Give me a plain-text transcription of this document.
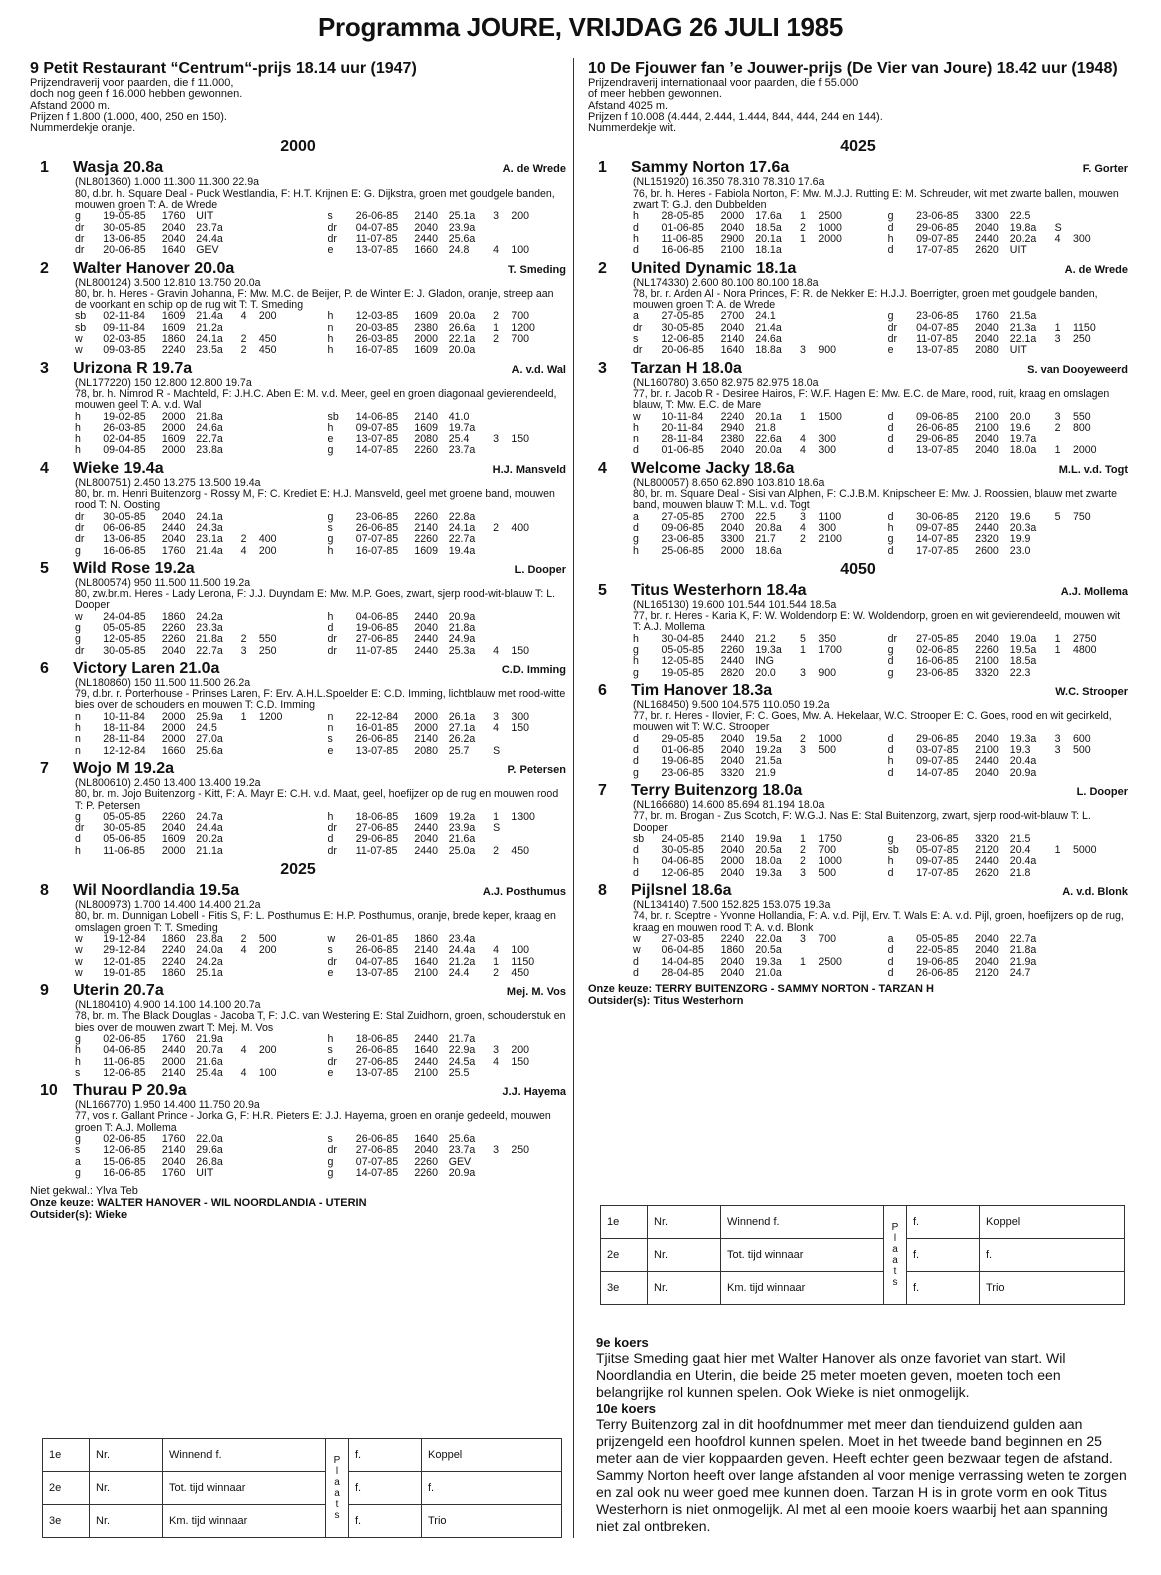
Programma JOURE, VRIJDAG 26 JULI 1985
9 Petit Restaurant “Centrum“-prijs 18.14 uur (1947)
Prijzendraverij voor paarden, die f 11.000,
doch nog geen f 16.000 hebben gewonnen.
Afstand 2000 m.
Prijzen f 1.800 (1.000, 400, 250 en 150).
Nummerdekje oranje.
2000
1	Wasja 20.8a	A. de Wrede
(NL801360) 1.000 11.300 11.300 22.9a
80, d.br. h. Square Deal - Puck Westlandia, F: H.T. Krijnen E: G. Dijkstra, groen met goudgele banden, mouwen groen T: A. de Wrede
g	19-05-85	1760	UIT				s	26-06-85	2140	25.1a	3	200
dr	30-05-85	2040	23.7a				dr	04-07-85	2040	23.9a		
dr	13-06-85	2040	24.4a				dr	11-07-85	2440	25.6a		
dr	20-06-85	1640	GEV				e	13-07-85	1660	24.8	4	100
2	Walter Hanover 20.0a	T. Smeding
(NL800124) 3.500 12.810 13.750 20.0a
80, br. h. Heres - Gravin Johanna, F: Mw. M.C. de Beijer, P. de Winter E: J. Gladon, oranje, streep aan de voorkant en schip op de rug wit T: T. Smeding
sb	02-11-84	1609	21.4a	4	200		h	12-03-85	1609	20.0a	2	700
sb	09-11-84	1609	21.2a				n	20-03-85	2380	26.6a	1	1200
w	02-03-85	1860	24.1a	2	450		h	26-03-85	2000	22.1a	2	700
w	09-03-85	2240	23.5a	2	450		h	16-07-85	1609	20.0a		
3	Urizona R 19.7a	A. v.d. Wal
(NL177220) 150 12.800 12.800 19.7a
78, br. h. Nimrod R - Machteld, F: J.H.C. Aben E: M. v.d. Meer, geel en groen diagonaal gevierendeeld, mouwen geel T: A. v.d. Wal
h	19-02-85	2000	21.8a				sb	14-06-85	2140	41.0		
h	26-03-85	2000	24.6a				h	09-07-85	1609	19.7a		
h	02-04-85	1609	22.7a				e	13-07-85	2080	25.4	3	150
h	09-04-85	2000	23.8a				g	14-07-85	2260	23.7a		
4	Wieke 19.4a	H.J. Mansveld
(NL800751) 2.450 13.275 13.500 19.4a
80, br. m. Henri Buitenzorg - Rossy M, F: C. Krediet E: H.J. Mansveld, geel met groene band, mouwen rood T: N. Oosting
dr	30-05-85	2040	24.1a				g	23-06-85	2260	22.8a		
dr	06-06-85	2440	24.3a				s	26-06-85	2140	24.1a	2	400
dr	13-06-85	2040	23.1a	2	400		g	07-07-85	2260	22.7a		
g	16-06-85	1760	21.4a	4	200		h	16-07-85	1609	19.4a		
5	Wild Rose 19.2a	L. Dooper
(NL800574) 950 11.500 11.500 19.2a
80, zw.br.m. Heres - Lady Lerona, F: J.J. Duyndam E: Mw. M.P. Goes, zwart, sjerp rood-wit-blauw T: L. Dooper
w	24-04-85	1860	24.2a				h	04-06-85	2440	20.9a		
g	05-05-85	2260	23.3a				d	19-06-85	2040	21.8a		
g	12-05-85	2260	21.8a	2	550		dr	27-06-85	2440	24.9a		
dr	30-05-85	2040	22.7a	3	250		dr	11-07-85	2440	25.3a	4	150
6	Victory Laren 21.0a	C.D. Imming
(NL180860) 150 11.500 11.500 26.2a
79, d.br. r. Porterhouse - Prinses Laren, F: Erv. A.H.L.Spoelder E: C.D. Imming, lichtblauw met rood-witte bies over de schouders en mouwen T: C.D. Imming
n	10-11-84	2000	25.9a	1	1200		n	22-12-84	2000	26.1a	3	300
h	18-11-84	2000	24.5				n	16-01-85	2000	27.1a	4	150
n	28-11-84	2000	27.0a				s	26-06-85	2140	26.2a		
n	12-12-84	1660	25.6a				e	13-07-85	2080	25.7	S	
7	Wojo M 19.2a	P. Petersen
(NL800610) 2.450 13.400 13.400 19.2a
80, br. m. Jojo Buitenzorg - Kitt, F: A. Mayr E: C.H. v.d. Maat, geel, hoefijzer op de rug en mouwen rood T: P. Petersen
g	05-05-85	2260	24.7a				h	18-06-85	1609	19.2a	1	1300
dr	30-05-85	2040	24.4a				dr	27-06-85	2440	23.9a	S	
d	05-06-85	1609	20.2a				d	29-06-85	2040	21.6a		
h	11-06-85	2000	21.1a				dr	11-07-85	2440	25.0a	2	450
2025
8	Wil Noordlandia 19.5a	A.J. Posthumus
(NL800973) 1.700 14.400 14.400 21.2a
80, br. m. Dunnigan Lobell - Fitis S, F: L. Posthumus E: H.P. Posthumus, oranje, brede keper, kraag en omslagen groen T: T. Smeding
w	19-12-84	1860	23.8a	2	500		w	26-01-85	1860	23.4a		
w	29-12-84	2240	24.0a	4	200		s	26-06-85	2140	24.4a	4	100
w	12-01-85	2240	24.2a				dr	04-07-85	1640	21.2a	1	1150
w	19-01-85	1860	25.1a				e	13-07-85	2100	24.4	2	450
9	Uterin 20.7a	Mej. M. Vos
(NL180410) 4.900 14.100 14.100 20.7a
78, br. m. The Black Douglas - Jacoba T, F: J.C. van Westering E: Stal Zuidhorn, groen, schouderstuk en bies over de mouwen zwart T: Mej. M. Vos
g	02-06-85	1760	21.9a				h	18-06-85	2440	21.7a		
h	04-06-85	2440	20.7a	4	200		s	26-06-85	1640	22.9a	3	200
h	11-06-85	2000	21.6a				dr	27-06-85	2440	24.5a	4	150
s	12-06-85	2140	25.4a	4	100		e	13-07-85	2100	25.5		
10 Thurau P 20.9a	J.J. Hayema
(NL166770) 1.950 14.400 11.750 20.9a
77, vos r. Gallant Prince - Jorka G, F: H.R. Pieters E: J.J. Hayema, groen en oranje gedeeld, mouwen groen T: A.J. Mollema
g	02-06-85	1760	22.0a				s	26-06-85	1640	25.6a		
s	12-06-85	2140	29.6a				dr	27-06-85	2040	23.7a	3	250
a	15-06-85	2040	26.8a				g	07-07-85	2260	GEV		
g	16-06-85	1760	UIT				g	14-07-85	2260	20.9a		
Niet gekwal.: Ylva Teb
Onze keuze: WALTER HANOVER - WIL NOORDLANDIA - UTERIN
Outsider(s): Wieke
10 De Fjouwer fan ’e Jouwer-prijs (De Vier van Joure) 18.42 uur (1948)
Prijzendraverij internationaal voor paarden, die f 55.000
of meer hebben gewonnen.
Afstand 4025 m.
Prijzen f 10.008 (4.444, 2.444, 1.444, 844, 444, 244 en 144).
Nummerdekje wit.
4025
1	Sammy Norton 17.6a	F. Gorter
(NL151920) 16.350 78.310 78.310 17.6a
76, br. h. Heres - Fabiola Norton, F: Mw. M.J.J. Rutting E: M. Schreuder, wit met zwarte ballen, mouwen zwart T: G.J. den Dubbelden
h	28-05-85	2000	17.6a	1	2500		g	23-06-85	3300	22.5		
d	01-06-85	2040	18.5a	2	1000		d	29-06-85	2040	19.8a	S	
h	11-06-85	2900	20.1a	1	2000		h	09-07-85	2440	20.2a	4	300
d	16-06-85	2100	18.1a				d	17-07-85	2620	UIT		
2	United Dynamic 18.1a	A. de Wrede
(NL174330) 2.600 80.100 80.100 18.8a
78, br. r. Arden Al - Nora Princes, F: R. de Nekker E: H.J.J. Boerrigter, groen met goudgele banden, mouwen groen T: A. de Wrede
a	27-05-85	2700	24.1				g	23-06-85	1760	21.5a		
dr	30-05-85	2040	21.4a				dr	04-07-85	2040	21.3a	1	1150
s	12-06-85	2140	24.6a				dr	11-07-85	2040	22.1a	3	250
dr	20-06-85	1640	18.8a	3	900		e	13-07-85	2080	UIT		
3	Tarzan H 18.0a	S. van Dooyeweerd
(NL160780) 3.650 82.975 82.975 18.0a
77, br. r. Jacob R - Desiree Hairos, F: W.F. Hagen E: Mw. E.C. de Mare, rood, ruit, kraag en omslagen blauw, T: Mw. E.C. de Mare
w	10-11-84	2240	20.1a	1	1500		d	09-06-85	2100	20.0	3	550
h	20-11-84	2940	21.8				d	26-06-85	2100	19.6	2	800
n	28-11-84	2380	22.6a	4	300		d	29-06-85	2040	19.7a		
d	01-06-85	2040	20.0a	4	300		d	13-07-85	2040	18.0a	1	2000
4	Welcome Jacky 18.6a	M.L. v.d. Togt
(NL800057) 8.650 62.890 103.810 18.6a
80, br. m. Square Deal - Sisi van Alphen, F: C.J.B.M. Knipscheer E: Mw. J. Roossien, blauw met zwarte band, mouwen blauw T: M.L. v.d. Togt
a	27-05-85	2700	22.5	3	1100		d	30-06-85	2120	19.6	5	750
d	09-06-85	2040	20.8a	4	300		h	09-07-85	2440	20.3a		
g	23-06-85	3300	21.7	2	2100		g	14-07-85	2320	19.9		
h	25-06-85	2000	18.6a				d	17-07-85	2600	23.0		
4050
5	Titus Westerhorn 18.4a	A.J. Mollema
(NL165130) 19.600 101.544 101.544 18.5a
77, br. r. Heres - Karia K, F: W. Woldendorp E: W. Woldendorp, groen en wit gevierendeeld, mouwen wit T: A.J. Mollema
h	30-04-85	2440	21.2	5	350		dr	27-05-85	2040	19.0a	1	2750
g	05-05-85	2260	19.3a	1	1700		g	02-06-85	2260	19.5a	1	4800
h	12-05-85	2440	ING				d	16-06-85	2100	18.5a		
g	19-05-85	2820	20.0	3	900		g	23-06-85	3320	22.3		
6	Tim Hanover 18.3a	W.C. Strooper
(NL168450) 9.500 104.575 110.050 19.2a
77, br. r. Heres - Ilovier, F: C. Goes, Mw. A. Hekelaar, W.C. Strooper E: C. Goes, rood en wit gecirkeld, mouwen wit T: W.C. Strooper
d	29-05-85	2040	19.5a	2	1000		d	29-06-85	2040	19.3a	3	600
d	01-06-85	2040	19.2a	3	500		d	03-07-85	2100	19.3	3	500
d	19-06-85	2040	21.5a				h	09-07-85	2440	20.4a		
g	23-06-85	3320	21.9				d	14-07-85	2040	20.9a		
7	Terry Buitenzorg 18.0a	L. Dooper
(NL166680) 14.600 85.694 81.194 18.0a
77, br. m. Brogan - Zus Scotch, F: W.G.J. Nas E: Stal Buitenzorg, zwart, sjerp rood-wit-blauw T: L. Dooper
sb	24-05-85	2140	19.9a	1	1750		g	23-06-85	3320	21.5		
d	30-05-85	2040	20.5a	2	700		sb	05-07-85	2120	20.4	1	5000
h	04-06-85	2000	18.0a	2	1000		h	09-07-85	2440	20.4a		
d	12-06-85	2040	19.3a	3	500		d	17-07-85	2620	21.8		
8	Pijlsnel 18.6a	A. v.d. Blonk
(NL134140) 7.500 152.825 153.075 19.3a
74, br. r. Sceptre - Yvonne Hollandia, F: A. v.d. Pijl, Erv. T. Wals E: A. v.d. Pijl, groen, hoefijzers op de rug, kraag en mouwen rood T: A. v.d. Blonk
w	27-03-85	2240	22.0a	3	700		a	05-05-85	2040	22.7a		
w	06-04-85	1860	20.5a				d	22-05-85	2040	21.8a		
d	14-04-85	2040	19.3a	1	2500		d	19-06-85	2040	21.9a		
d	28-04-85	2040	21.0a				d	26-06-85	2120	24.7		
Onze keuze: TERRY BUITENZORG - SAMMY NORTON - TARZAN H
Outsider(s): Titus Westerhorn
1e	Nr.	Winnend f.	P l a a t s	f.	Koppel
2e	Nr.	Tot. tijd winnaar		f.	f.
3e	Nr.	Km. tijd winnaar		f.	Trio
1e	Nr.	Winnend f.	P l a a t s	f.	Koppel
2e	Nr.	Tot. tijd winnaar		f.	f.
3e	Nr.	Km. tijd winnaar		f.	Trio
9e koers

Tjitse Smeding gaat hier met Walter Hanover als onze favoriet van start. Wil Noordlandia en Uterin, die beide 25 meter moeten geven, moeten toch een belangrijke rol kunnen spelen. Ook Wieke is niet onmogelijk.

10e koers

Terry Buitenzorg zal in dit hoofdnummer met meer dan tienduizend gulden aan prijzengeld een hoofdrol kunnen spelen. Moet in het tweede band beginnen en 25 meter aan de vier koppaarden geven. Heeft echter geen bezwaar tegen de afstand. Sammy Norton heeft over lange afstanden al voor menige verrassing weten te zorgen en zal ook nu weer goed mee kunnen doen. Tarzan H is in grote vorm en ook Titus Westerhorn is niet onmogelijk. Al met al een mooie koers waarbij het aan spanning niet zal ontbreken.
